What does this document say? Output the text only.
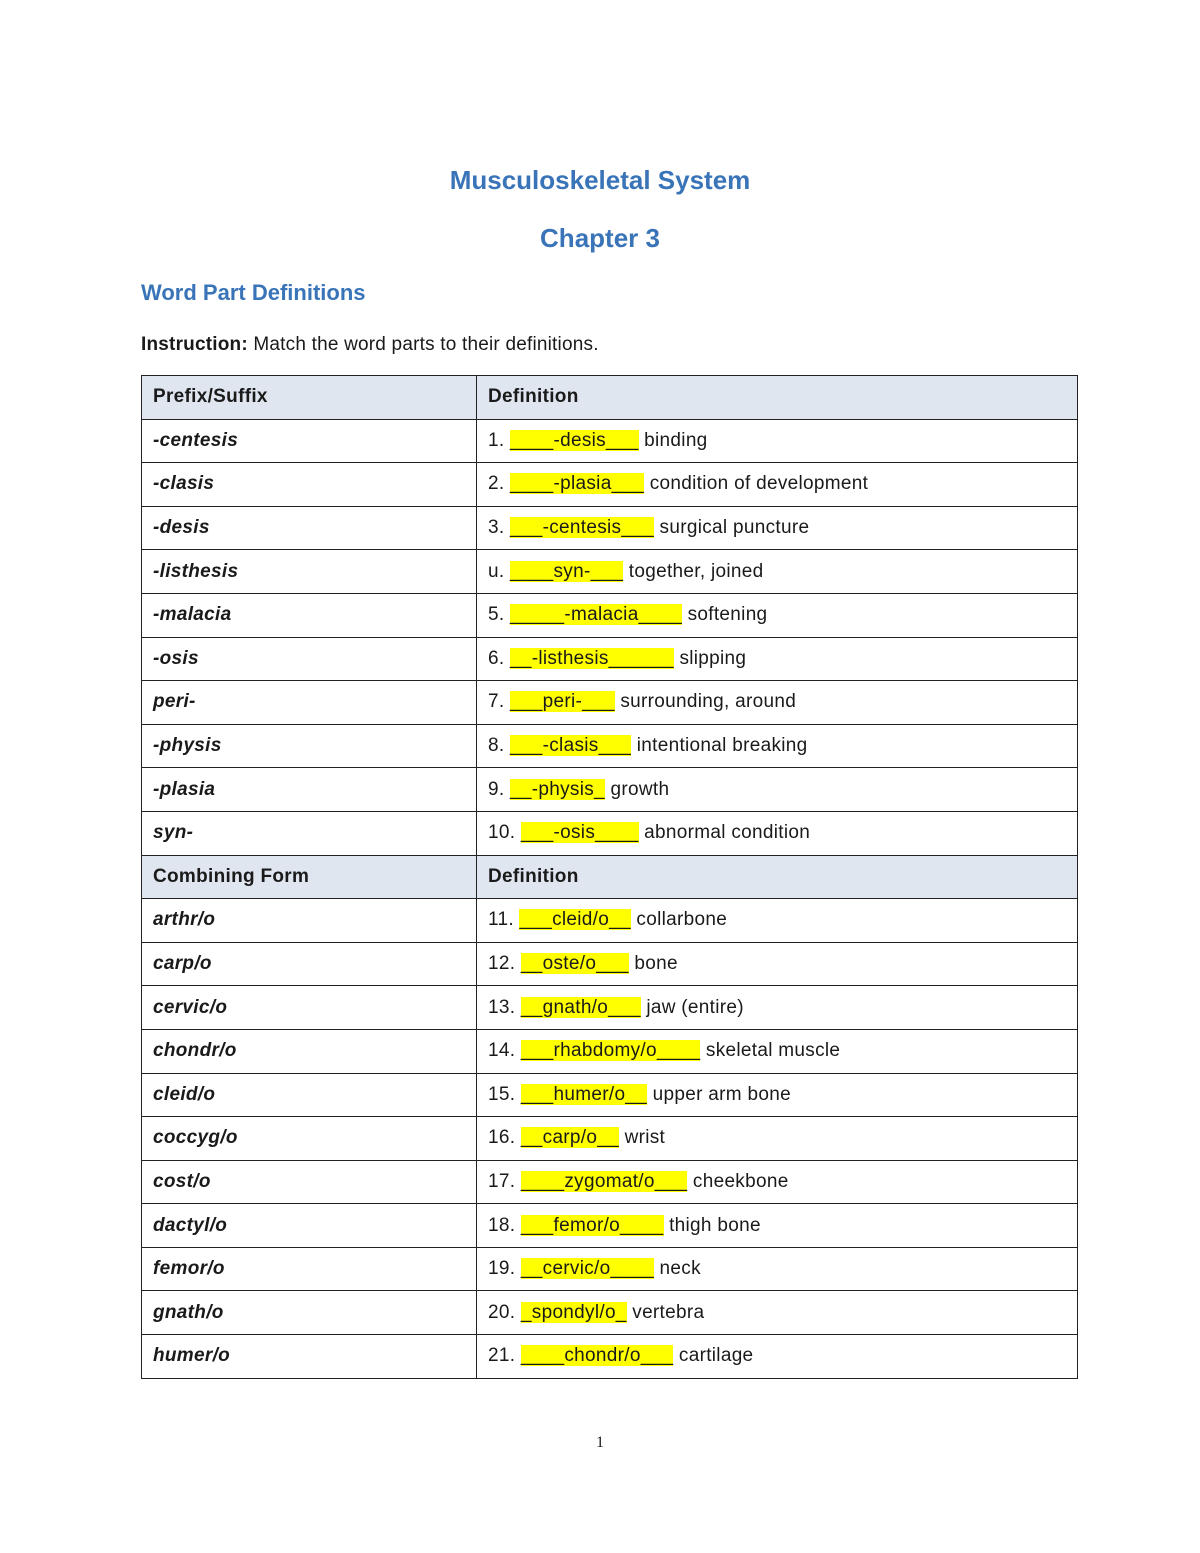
Musculoskeletal System
Chapter 3
Word Part Definitions
Instruction: Match the word parts to their definitions.
Prefix/Suffix	Definition
-centesis	1. ____-desis___ binding
-clasis	2. ____-plasia___ condition of development
-desis	3. ___-centesis___ surgical puncture
-listhesis	u. ____syn-___ together, joined
-malacia	5. _____-malacia____ softening
-osis	6. __-listhesis______ slipping
peri-	7. ___peri-___ surrounding, around
-physis	8. ___-clasis___ intentional breaking
-plasia	9. __-physis_ growth
syn-	10. ___-osis____ abnormal condition
Combining Form	Definition
arthr/o	11. ___cleid/o__ collarbone
carp/o	12. __oste/o___ bone
cervic/o	13. __gnath/o___ jaw (entire)
chondr/o	14. ___rhabdomy/o____ skeletal muscle
cleid/o	15. ___humer/o__ upper arm bone
coccyg/o	16. __carp/o__ wrist
cost/o	17. ____zygomat/o___ cheekbone
dactyl/o	18. ___femor/o____ thigh bone
femor/o	19. __cervic/o____ neck
gnath/o	20. _spondyl/o_ vertebra
humer/o	21. ____chondr/o___ cartilage
1
